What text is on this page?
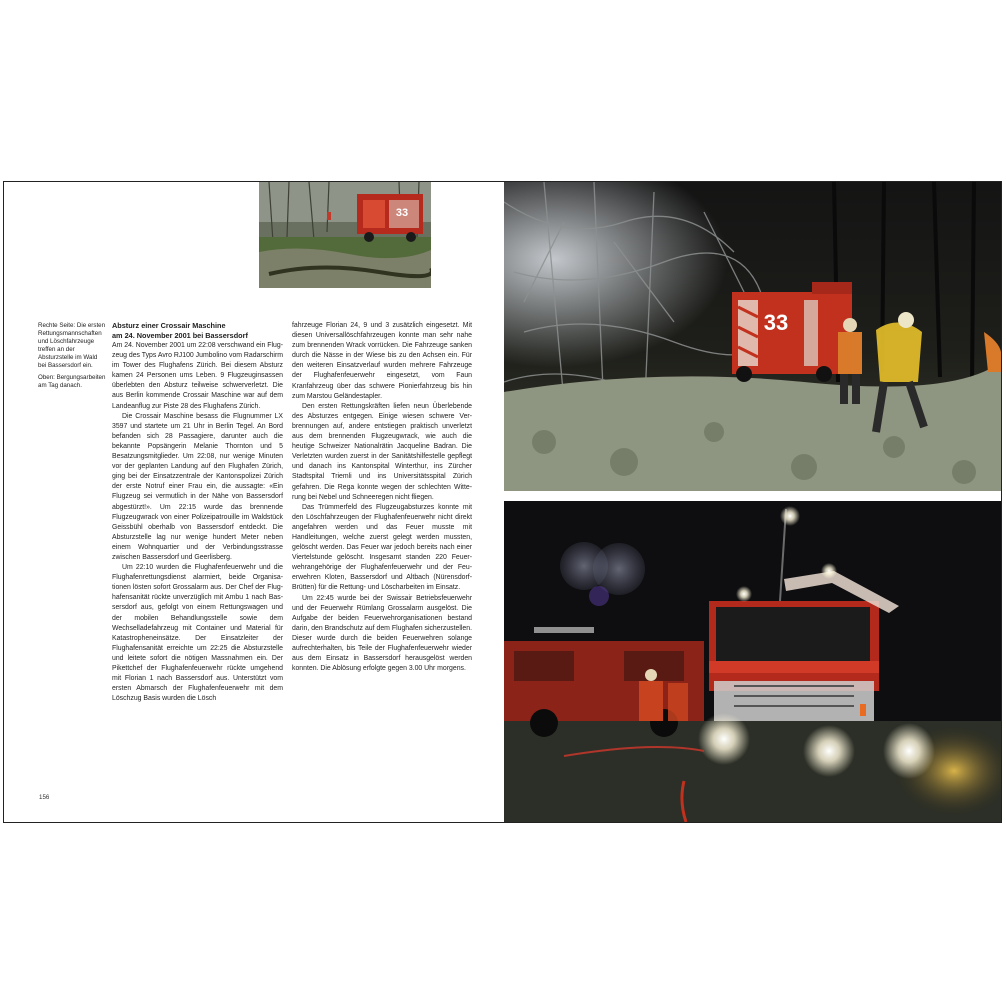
33

Rechte Seite: Die ersten Rettungsmannschaften und Löschfahrzeuge treffen an der Absturzstelle im Wald bei Bassersdorf ein.

Oben: Bergungsarbeiten am Tag danach.

Absturz einer Crossair Maschine

am 24. November 2001 bei Bassersdorf

Am 24. November 2001 um 22:08 verschwand ein Flugzeug des Typs Avro RJ100 Jumbolino vom Radarschirm im Tower des Flughafens Zürich. Bei diesem Absturz kamen 24 Personen ums Leben. 9 Flugzeuginsassen überlebten den Absturz teilweise schwerverletzt. Die aus Berlin kommende Crossair Maschine war auf dem Landeanflug zur Piste 28 des Flughafens Zürich.

Die Crossair Maschine besass die Flugnummer LX 3597 und startete um 21 Uhr in Berlin Tegel. An Bord befanden sich 28 Passagiere, darunter auch die bekannte Popsängerin Melanie Thornton und 5 Besatzungsmitglieder. Um 22:08, nur wenige Minuten vor der geplanten Landung auf den Flughafen Zürich, ging bei der Einsatzzentrale der Kantonspolizei Zürich der erste Notruf einer Frau ein, die aussagte: «Ein Flugzeug sei vermutlich in der Nähe von Bassersdorf abgestürzt!». Um 22:15 wurde das brennende Flugzeugwrack von einer Polizeipatrouille im Waldstück Geissbühl oberhalb von Bassersdorf entdeckt. Die Absturzstelle lag nur wenige hundert Meter neben einem Wohnquartier und der Verbindungsstrasse zwischen Bassersdorf und Geerlisberg.

Um 22:10 wurden die Flughafenfeuerwehr und die Flughafenrettungsdienst alarmiert, beide Organisationen lösten sofort Grossalarm aus. Der Chef der Flughafensanität rückte unverzüglich mit Ambu 1 nach Bassersdorf aus, gefolgt von einem Rettungswagen und der mobilen Behandlungsstelle sowie dem Wechselladefahrzeug mit Container und Material für Katastropheneinsätze. Der Einsatzleiter der Flughafensanität erreichte um 22:25 die Absturzstelle und leitete sofort die nötigen Massnahmen ein. Der Pikettchef der Flughafenfeuerwehr rückte umgehend mit Florian 1 nach Bassersdorf aus. Unterstützt vom ersten Abmarsch der Flughafenfeuerwehr mit dem Löschzug Basis wurden die Lösch

fahrzeuge Florian 24, 9 und 3 zusätzlich eingesetzt. Mit diesen Universallöschfahrzeugen konnte man sehr nahe zum brennenden Wrack vorrücken. Die Fahrzeuge sanken durch die Nässe in der Wiese bis zu den Achsen ein. Für den weiteren Einsatzverlauf wurden mehrere Fahrzeuge der Flughafenfeuerwehr eingesetzt, vom Faun Kranfahrzeug über das schwere Pionierfahrzeug bis hin zum Marstou Geländestapler.

Den ersten Rettungskräften liefen neun Überlebende des Absturzes entgegen. Einige wiesen schwere Verbrennungen auf, andere entstiegen praktisch unverletzt aus dem brennenden Flugzeugwrack, wie auch die heutige Schweizer Nationalrätin Jacqueline Badran. Die Verletzten wurden zuerst in der Sanitätshilfestelle gepflegt und danach ins Kantonspital Winterthur, ins Zürcher Stadtspital Triemli und ins Universitätsspital Zürich gefahren. Die Rega konnte wegen der schlechten Witterung bei Nebel und Schneeregen nicht fliegen.

Das Trümmerfeld des Flugzeugabsturzes konnte mit den Löschfahrzeugen der Flughafenfeuerwehr nicht direkt angefahren werden und das Feuer musste mit Handleitungen, welche zuerst gelegt werden mussten, gelöscht werden. Das Feuer war jedoch bereits nach einer Viertelstunde gelöscht. Insgesamt standen 220 Feuerwehrangehörige der Flughafenfeuerwehr und der Feuerwehren Kloten, Bassersdorf und Altbach (Nürensdorf-Brütten) für die Rettung- und Löscharbeiten im Einsatz.

Um 22:45 wurde bei der Swissair Betriebsfeuerwehr und der Feuerwehr Rümlang Grossalarm ausgelöst. Die Aufgabe der beiden Feuerwehrorganisationen bestand darin, den Brandschutz auf dem Flughafen sicherzustellen. Dieser wurde durch die beiden Feuerwehren solange aufrechterhalten, bis Teile der Flughafenfeuerwehr wieder aus dem Einsatz in Bassersdorf herausgelöst werden konnten. Die Ablösung erfolgte gegen 3.00 Uhr morgens.

156
33
